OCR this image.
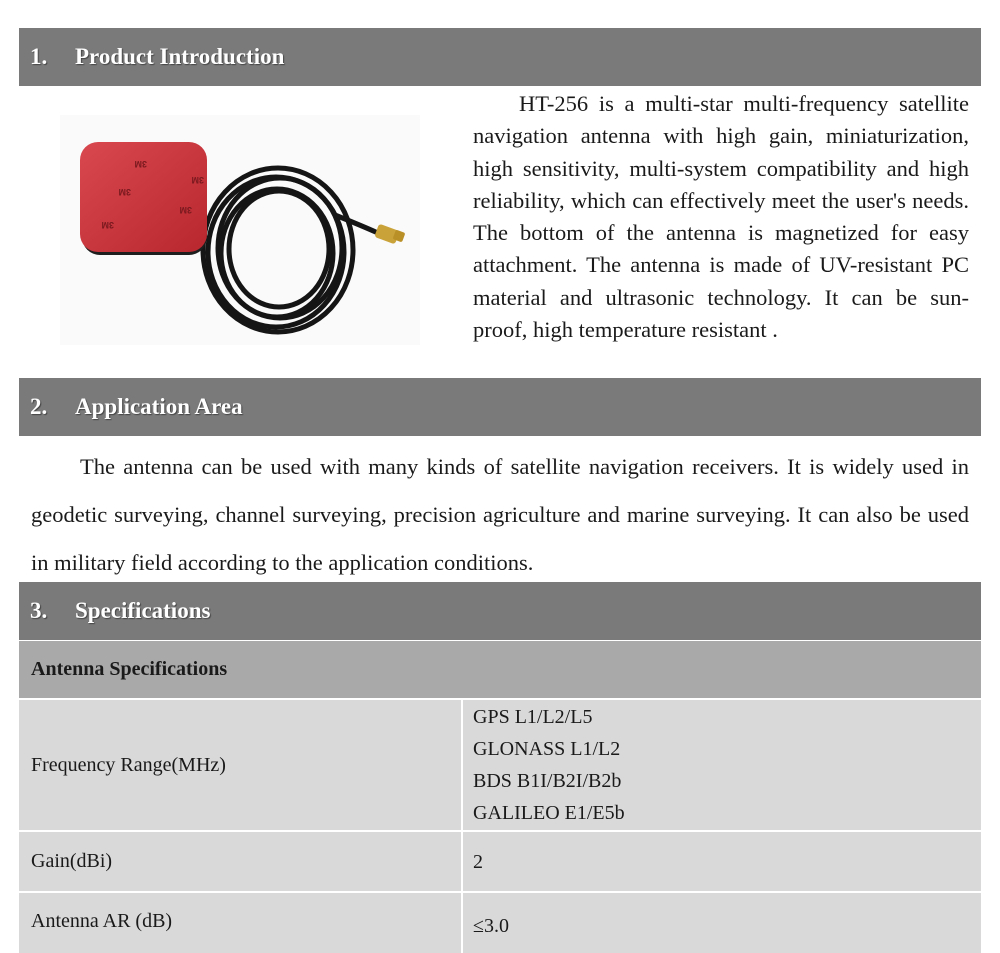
1. Product Introduction
3M
3M
3M
3M
3M

HT-256 is a multi-star multi-frequency satellite navigation antenna with high gain, miniaturization, high sensitivity, multi-system compatibility and high reliability, which can effectively meet the user's needs. The bottom of the antenna is magnetized for easy attachment. The antenna is made of UV-resistant PC material and ultrasonic technology. It can be sun-proof, high temperature resistant .

2. Application Area

The antenna can be used with many kinds of satellite navigation receivers. It is widely used in geodetic surveying, channel surveying, precision agriculture and marine surveying. It can also be used in military field according to the application conditions.

3. Specifications
Antenna Specifications
Frequency Range(MHz)
GPS L1/L2/L5
GLONASS L1/L2
BDS B1I/B2I/B2b
GALILEO E1/E5b
Gain(dBi)	2
Antenna AR (dB)	≤3.0
